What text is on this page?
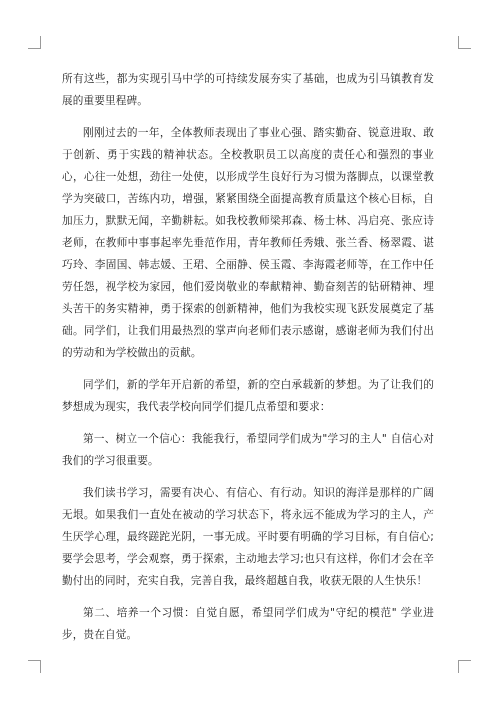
所有这些，都为实现引马中学的可持续发展夯实了基础，也成为引马镇教育发展的重要里程碑。

刚刚过去的一年，全体教师表现出了事业心强、踏实勤奋、锐意进取、敢于创新、勇于实践的精神状态。全校教职员工以高度的责任心和强烈的事业心，心往一处想，劲往一处使，以形成学生良好行为习惯为落脚点，以课堂教学为突破口，苦练内功，增强，紧紧围绕全面提高教育质量这个核心目标，自加压力，默默无闻，辛勤耕耘。如我校教师梁邦森、杨士林、冯启亮、张应诗老师，在教师中事事起率先垂范作用，青年教师任秀娥、张兰香、杨翠霞、谌巧玲、李固国、韩志媛、王珺、仝丽静、侯玉霞、李海霞老师等，在工作中任劳任怨，视学校为家园，他们爱岗敬业的奉献精神、勤奋刻苦的钻研精神、埋头苦干的务实精神，勇于探索的创新精神，他们为我校实现飞跃发展奠定了基础。同学们，让我们用最热烈的掌声向老师们表示感谢，感谢老师为我们付出的劳动和为学校做出的贡献。

同学们，新的学年开启新的希望，新的空白承载新的梦想。为了让我们的梦想成为现实，我代表学校向同学们提几点希望和要求：

第一、树立一个信心：我能我行，希望同学们成为"学习的主人" 自信心对我们的学习很重要。

我们读书学习，需要有决心、有信心、有行动。知识的海洋是那样的广阔无垠。如果我们一直处在被动的学习状态下，将永远不能成为学习的主人，产生厌学心理，最终蹉跎光阴，一事无成。平时要有明确的学习目标，有自信心;要学会思考，学会观察，勇于探索，主动地去学习;也只有这样，你们才会在辛勤付出的同时，充实自我，完善自我，最终超越自我，收获无限的人生快乐！

第二、培养一个习惯：自觉自愿，希望同学们成为"守纪的模范" 学业进步，贵在自觉。
